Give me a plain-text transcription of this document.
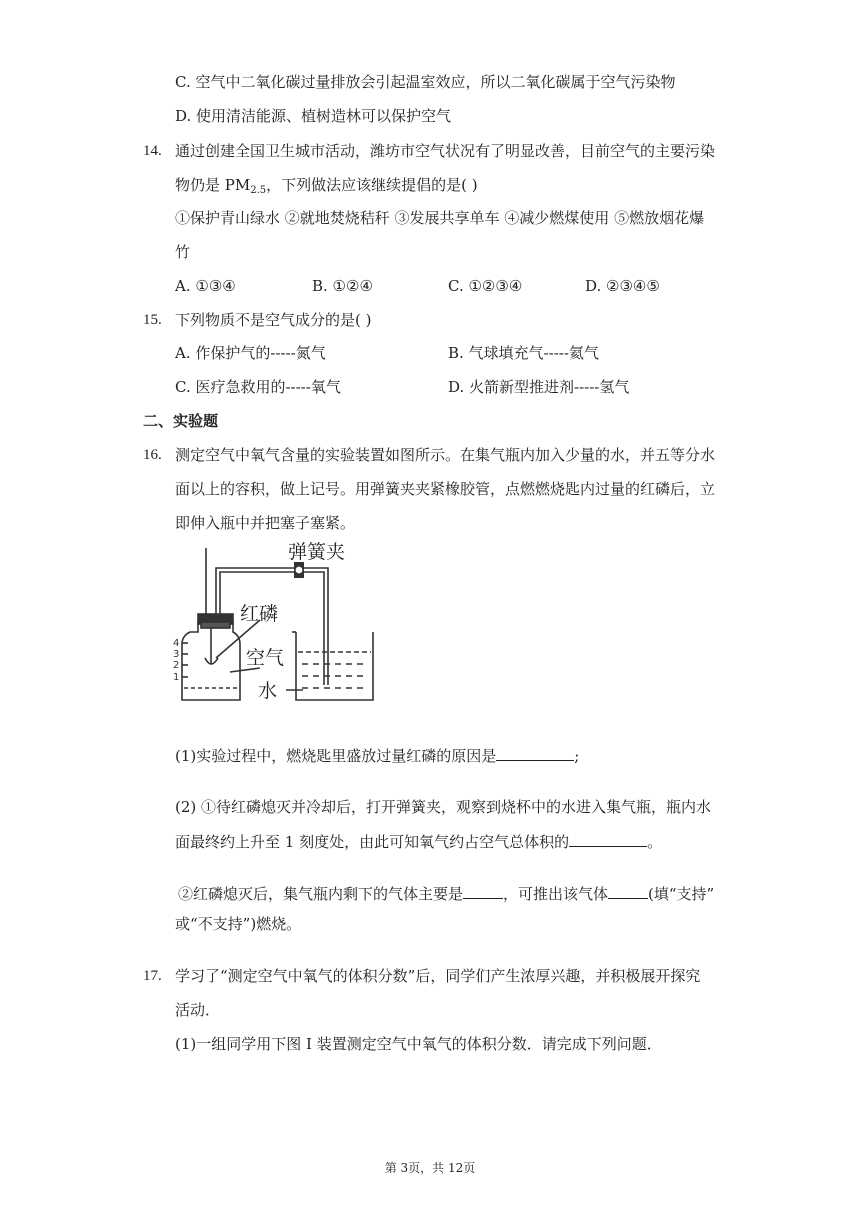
C. 空气中二氧化碳过量排放会引起温室效应，所以二氧化碳属于空气污染物
D. 使用清洁能源、植树造林可以保护空气
14. 通过创建全国卫生城市活动，潍坊市空气状况有了明显改善，目前空气的主要污染
物仍是 $PM_{2.5}$，下列做法应该继续提倡的是( )
①保护青山绿水 ②就地焚烧秸秆 ③发展共享单车 ④减少燃煤使用 ⑤燃放烟花爆
竹
A. ①③④	B. ①②④	C. ①②③④	D. ②③④⑤
15. 下列物质不是空气成分的是( )
A. 作保护气的-----氮气	B. 气球填充气-----氦气
C. 医疗急救用的-----氧气	D. 火箭新型推进剂-----氢气
二、实验题
16. 测定空气中氧气含量的实验装置如图所示。在集气瓶内加入少量的水，并五等分水
面以上的容积，做上记号。用弹簧夹夹紧橡胶管，点燃燃烧匙内过量的红磷后，立
即伸入瓶中并把塞子塞紧。
弹簧夹
红磷
空气
水
4
3
2
1
(1)实验过程中，燃烧匙里盛放过量红磷的原因是	;
(2) ①待红磷熄灭并冷却后，打开弹簧夹，观察到烧杯中的水进入集气瓶，瓶内水
面最终约上升至 1 刻度处，由此可知氧气约占空气总体积的	。
②红磷熄灭后，集气瓶内剩下的气体主要是	，可推出该气体	(填“支持”
或“不支持”)燃烧。
17. 学习了“测定空气中氧气的体积分数”后，同学们产生浓厚兴趣，并积极展开探究
活动．
(1)一组同学用下图 I 装置测定空气中氧气的体积分数．请完成下列问题．
第 3页，共 12页
